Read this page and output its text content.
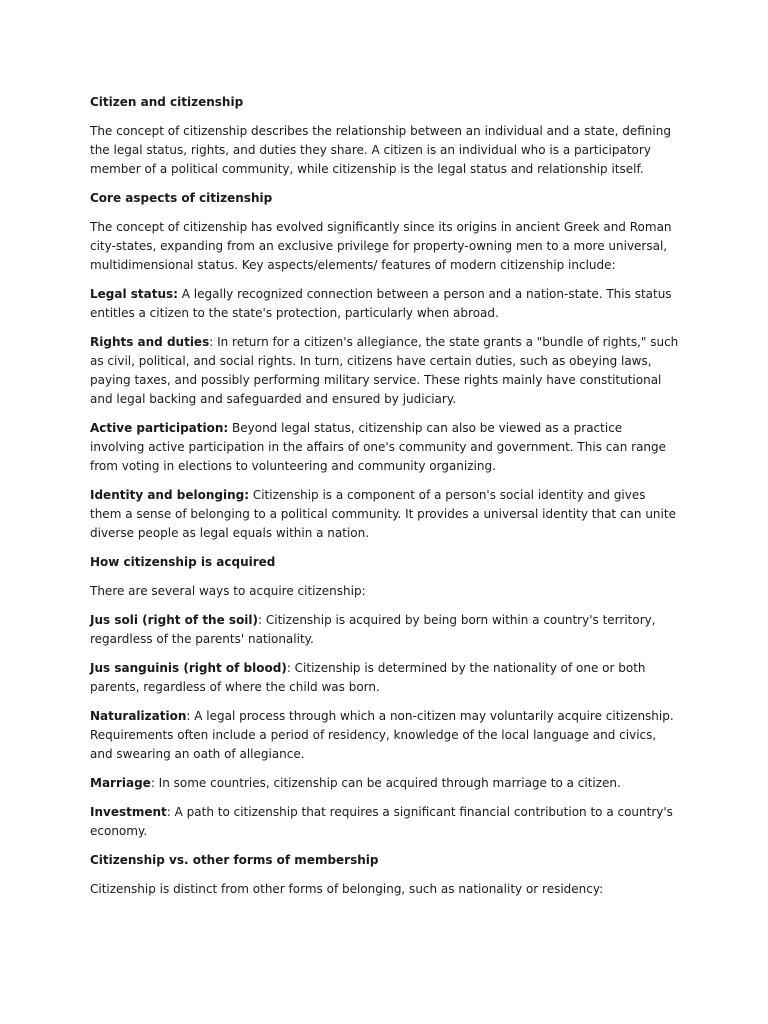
Citizen and citizenship

The concept of citizenship describes the relationship between an individual and a state, defining the legal status, rights, and duties they share. A citizen is an individual who is a participatory member of a political community, while citizenship is the legal status and relationship itself.

Core aspects of citizenship

The concept of citizenship has evolved significantly since its origins in ancient Greek and Roman city-states, expanding from an exclusive privilege for property-owning men to a more universal, multidimensional status. Key aspects/elements/ features of modern citizenship include:

Legal status: A legally recognized connection between a person and a nation-state. This status entitles a citizen to the state's protection, particularly when abroad.

Rights and duties: In return for a citizen's allegiance, the state grants a "bundle of rights," such as civil, political, and social rights. In turn, citizens have certain duties, such as obeying laws, paying taxes, and possibly performing military service. These rights mainly have constitutional and legal backing and safeguarded and ensured by judiciary.

Active participation: Beyond legal status, citizenship can also be viewed as a practice involving active participation in the affairs of one's community and government. This can range from voting in elections to volunteering and community organizing.

Identity and belonging: Citizenship is a component of a person's social identity and gives them a sense of belonging to a political community. It provides a universal identity that can unite diverse people as legal equals within a nation.

How citizenship is acquired

There are several ways to acquire citizenship:

Jus soli (right of the soil): Citizenship is acquired by being born within a country's territory, regardless of the parents' nationality.

Jus sanguinis (right of blood): Citizenship is determined by the nationality of one or both parents, regardless of where the child was born.

Naturalization: A legal process through which a non-citizen may voluntarily acquire citizenship. Requirements often include a period of residency, knowledge of the local language and civics, and swearing an oath of allegiance.

Marriage: In some countries, citizenship can be acquired through marriage to a citizen.

Investment: A path to citizenship that requires a significant financial contribution to a country's economy.

Citizenship vs. other forms of membership

Citizenship is distinct from other forms of belonging, such as nationality or residency:
